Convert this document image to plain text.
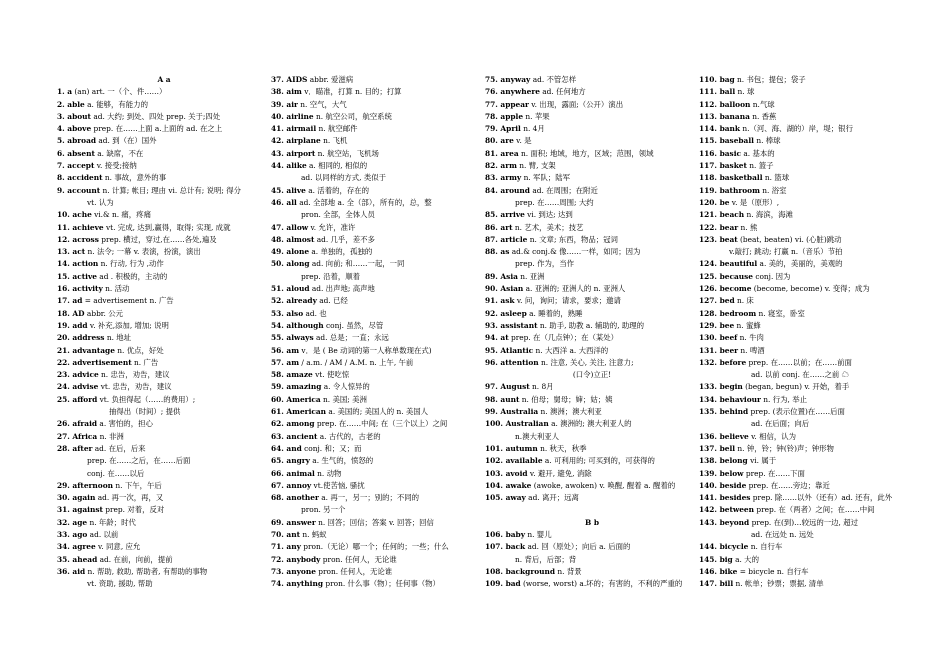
A a
1. a (an) art. 一（个、件……）
2. able a. 能够，有能力的
3. about ad. 大约; 到处、四处 prep. 关于;四处
4. above prep. 在……上面 a.上面的 ad. 在之上
5. abroad ad. 到（在）国外
6. absent a. 缺席，不在
7. accept v. 接受;接纳
8. accident n. 事故，意外的事
9. account n. 计算; 帐目; 理由 vi. 总计有; 说明; 得分
vt. 认为
10. ache vi.& n. 痛，疼痛
11. achieve vt. 完成, 达到,赢得，取得; 实现, 成就
12. across prep. 横过，穿过,在……各处,遍及
13. act n. 法令; 一幕 v. 表演，扮演，演出
14. action n. 行动, 行为 ,动作
15. active ad . 积极的，主动的
16. activity n. 活动
17. ad = advertisement n. 广告
18. AD abbr. 公元
19. add v. 补充,添加, 增加; 说明
20. address n. 地址
21. advantage n. 优点，好处
22. advertisement n. 广告
23. advice n. 忠告，劝告，建议
24. advise vt. 忠告，劝告，建议
25. afford vt. 负担得起（……的费用）;
抽得出（时间）; 提供
26. afraid a. 害怕的，担心
27. Africa n. 非洲
28. after ad. 在后，后来
prep. 在……之后，在……后面
conj. 在……以后
29. afternoon n. 下午，午后
30. again ad. 再一次，再，又
31. against prep. 对着，反对
32. age n. 年龄；时代
33. ago ad. 以前
34. agree v. 同意, 应允
35. ahead ad. 在前，向前，提前
36. aid n. 帮助, 救助, 帮助者, 有帮助的事物
vt. 资助, 援助, 帮助
37. AIDS abbr. 爱滋病
38. aim v．瞄准，打算 n. 目的；打算
39. air n. 空气，大气
40. airline n. 航空公司，航空系统
41. airmail n. 航空邮件
42. airplane n. 飞机
43. airport n. 航空站，飞机场
44. alike a. 相同的, 相似的
ad. 以同样的方式, 类似于
45. alive a. 活着的，存在的
46. all ad. 全部地 a. 全（部），所有的，总，整
pron. 全部，全体人员
47. allow v. 允许，准许
48. almost ad. 几乎，差不多
49. alone a. 单独的，孤独的
50. along ad. 向前; 和……一起，一同
prep. 沿着，顺着
51. aloud ad. 出声地; 高声地
52. already ad. 已经
53. also ad. 也
54. although conj. 虽然，尽管
55. always ad. 总是；一直；永远
56. am v．是 ( Be 动词的第一人称单数现在式)
57. am / a.m. / AM / A.M. n. 上午, 午前
58. amaze vt. 使吃惊
59. amazing a. 令人惊异的
60. America n. 美国; 美洲
61. American a. 美国的; 美国人的 n. 美国人
62. among prep. 在……中间; 在（三个以上）之间
63. ancient a. 古代的，古老的
64. and conj. 和；又；而
65. angry a. 生气的，愤怒的
66. animal n. 动物
67. annoy vt.使苦恼, 骚扰
68. another a. 再一，另一；别的；不同的
pron. 另一个
69. answer n. 回答；回信；答案 v. 回答；回信
70. ant n. 蚂蚁
71. any pron.（无论）哪一个；任何的；一些；什么
72. anybody pron. 任何人，无论谁
73. anyone pron. 任何人，无论谁
74. anything pron. 什么事（物）；任何事（物）
75. anyway ad. 不管怎样
76. anywhere ad. 任何地方
77. appear v. 出现，露面;（公开）演出
78. apple n. 苹果
79. April n. 4月
80. are v. 是
81. area n. 面积; 地域，地方，区域；范围，领域
82. arm n. 臂, 支架
83. army n. 军队；陆军
84. around ad. 在周围；在附近
prep. 在……周围; 大约
85. arrive vi. 到达; 达到
86. art n. 艺术，美术；技艺
87. article n. 文章; 东西，物品；冠词
88. as ad.& conj.& 像……一样，如同；因为
prep. 作为，当作
89. Asia n. 亚洲
90. Asian a. 亚洲的; 亚洲人的 n. 亚洲人
91. ask v. 问，询问；请求，要求；邀请
92. asleep a. 睡着的，熟睡
93. assistant n. 助手, 助教 a. 辅助的, 助理的
94. at prep. 在（几点钟）；在（某处）
95. Atlantic n. 大西洋 a. 大西洋的
96. attention n. 注意, 关心, 关注, 注意力;
(口令)立正!
97. August n. 8月
98. aunt n. 伯母；舅母；婶；姑；姨
99. Australia n. 澳洲；澳大利亚
100. Australian a. 澳洲的; 澳大利亚人的
n.澳大利亚人
101. autumn n. 秋天，秋季
102. available a. 可利用的; 可买到的，可获得的
103. avoid v. 避开, 避免, 消除
104. awake (awoke, awoken) v. 唤醒, 醒着 a. 醒着的
105. away ad. 离开；远离
B b
106. baby n. 婴儿
107. back ad. 回（原处）；向后 a. 后面的
n. 背后，后部；背
108. background n. 背景
109. bad (worse, worst) a.坏的；有害的，不利的严重的
110. bag n. 书包；提包；袋子
111. ball n. 球
112. balloon n.气球
113. banana n. 香蕉
114. bank n.（河、海、湖的）岸，堤；银行
115. baseball n. 棒球
116. basic a. 基本的
117. basket n. 篮子
118. basketball n. 篮球
119. bathroom n. 浴室
120. be v. 是（原形）,
121. beach n. 海滨，海滩
122. bear n. 熊
123. beat (beat, beaten) vi. (心脏)跳动
v.敲打; 跳动; 打赢 n.（音乐）节拍
124. beautiful a. 美的，美丽的，美观的
125. because conj. 因为
126. become (become, become) v. 变得；成为
127. bed n. 床
128. bedroom n. 寝室，卧室
129. bee n. 蜜蜂
130. beef n. 牛肉
131. beer n. 啤酒
132. before prep. 在……以前；在……前面
ad. 以前 conj. 在……之前 ☁
133. begin (began, begun) v. 开始，着手
134. behaviour n. 行为, 举止
135. behind prep. (表示位置)在……后面
ad. 在后面；向后
136. believe v. 相信，认为
137. bell n. 钟，铃；钟(铃)声；钟形物
138. belong vi. 属于
139. below prep. 在……下面
140. beside prep. 在……旁边；靠近
141. besides prep. 除……以外（还有）ad. 还有，此外
142. between prep. 在（两者）之间；在……中间
143. beyond prep. 在(到)…较远的一边, 超过
ad. 在远处 n. 远处
144. bicycle n. 自行车
145. big a. 大的
146. bike = bicycle n. 自行车
147. bill n. 帐单；钞票；票据, 清单
